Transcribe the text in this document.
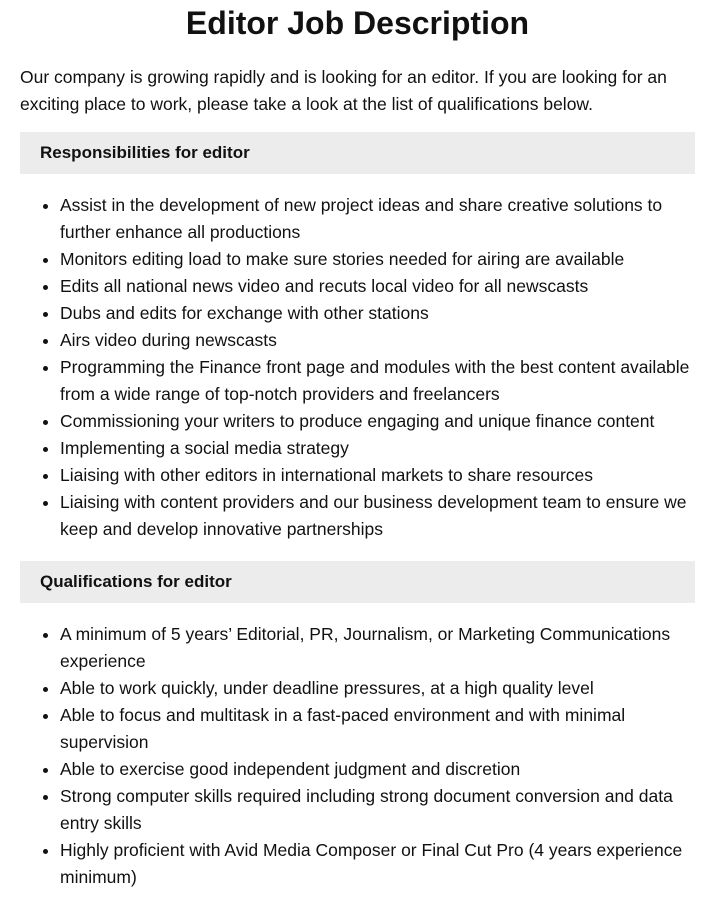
Editor Job Description

Our company is growing rapidly and is looking for an editor. If you are looking for an exciting place to work, please take a look at the list of qualifications below.

Responsibilities for editor
• Assist in the development of new project ideas and share creative solutions to further enhance all productions
• Monitors editing load to make sure stories needed for airing are available
• Edits all national news video and recuts local video for all newscasts
• Dubs and edits for exchange with other stations
• Airs video during newscasts
• Programming the Finance front page and modules with the best content available from a wide range of top-notch providers and freelancers
• Commissioning your writers to produce engaging and unique finance content
• Implementing a social media strategy
• Liaising with other editors in international markets to share resources
• Liaising with content providers and our business development team to ensure we keep and develop innovative partnerships
Qualifications for editor
• A minimum of 5 years’ Editorial, PR, Journalism, or Marketing Communications experience
• Able to work quickly, under deadline pressures, at a high quality level
• Able to focus and multitask in a fast-paced environment and with minimal supervision
• Able to exercise good independent judgment and discretion
• Strong computer skills required including strong document conversion and data entry skills
• Highly proficient with Avid Media Composer or Final Cut Pro (4 years experience minimum)
